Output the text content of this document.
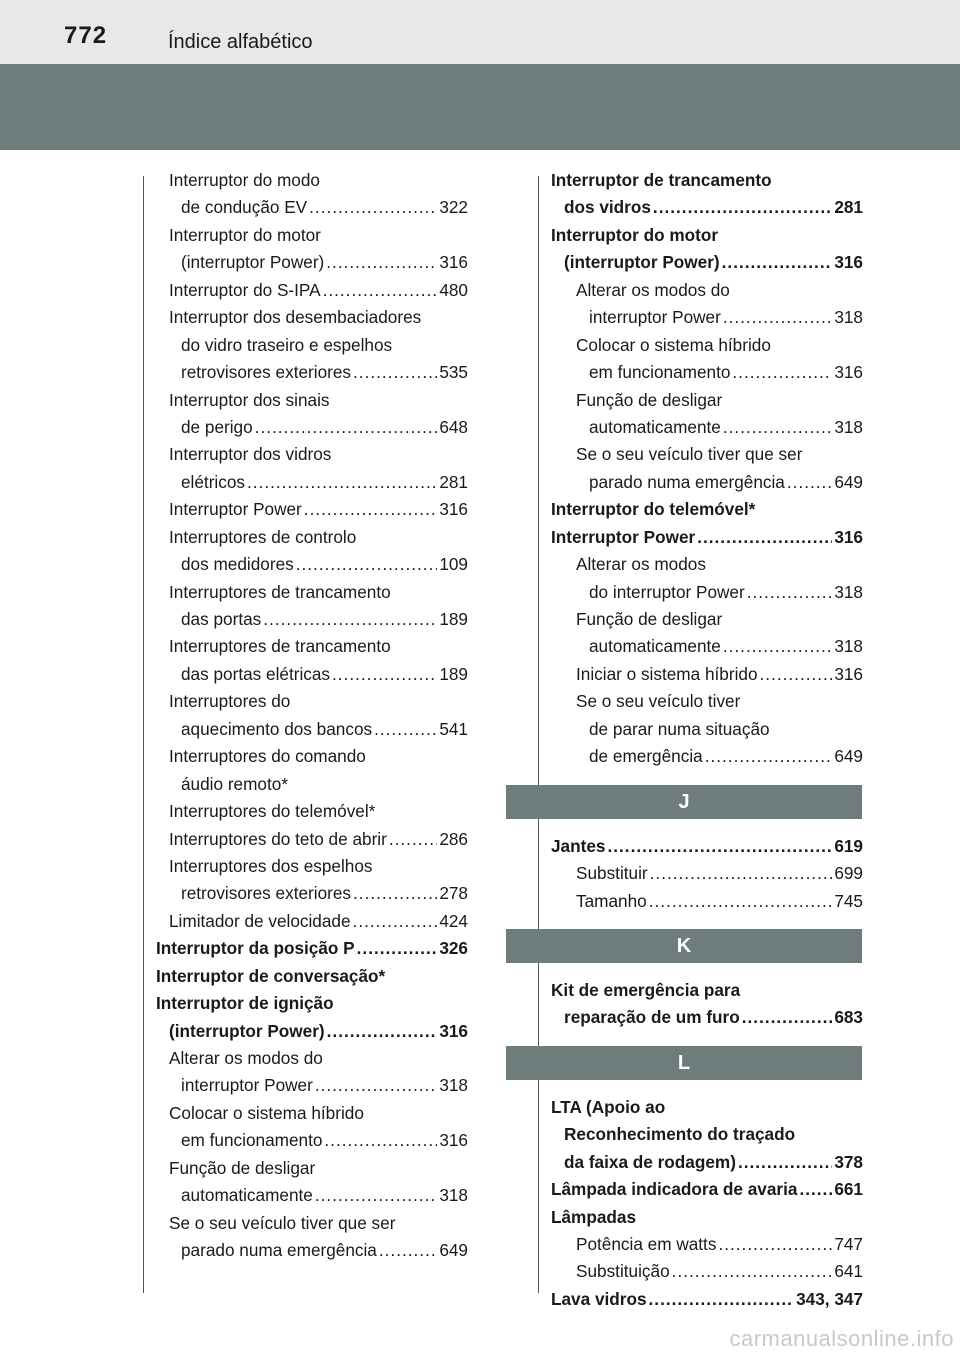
772	Índice alfabético
Interruptor do modo
de condução EV .....	322
Interruptor do motor
(interruptor Power) .....	316
Interruptor do S-IPA .....	480
Interruptor dos desembaciadores
do vidro traseiro e espelhos
retrovisores exteriores .....	535
Interruptor dos sinais
de perigo .....	648
Interruptor dos vidros
elétricos .....	281
Interruptor Power .....	316
Interruptores de controlo
dos medidores .....	109
Interruptores de trancamento
das portas .....	189
Interruptores de trancamento
das portas elétricas .....	189
Interruptores do
aquecimento dos bancos .....	541
Interruptores do comando
áudio remoto*
Interruptores do telemóvel*
Interruptores do teto de abrir .....	286
Interruptores dos espelhos
retrovisores exteriores .....	278
Limitador de velocidade .....	424
Interruptor da posição P .....	326
Interruptor de conversação*
Interruptor de ignição
(interruptor Power) .....	316
Alterar os modos do
interruptor Power .....	318
Colocar o sistema híbrido
em funcionamento .....	316
Função de desligar
automaticamente .....	318
Se o seu veículo tiver que ser
parado numa emergência .....	649
Interruptor de trancamento
dos vidros .....	281
Interruptor do motor
(interruptor Power) .....	316
Alterar os modos do
interruptor Power .....	318
Colocar o sistema híbrido
em funcionamento .....	316
Função de desligar
automaticamente .....	318
Se o seu veículo tiver que ser
parado numa emergência .....	649
Interruptor do telemóvel*
Interruptor Power .....	316
Alterar os modos
do interruptor Power .....	318
Função de desligar
automaticamente .....	318
Iniciar o sistema híbrido .....	316
Se o seu veículo tiver
de parar numa situação
de emergência .....	649
J
Jantes .....	619
Substituir .....	699
Tamanho .....	745
K
Kit de emergência para
reparação de um furo .....	683
L
LTA (Apoio ao
Reconhecimento do traçado
da faixa de rodagem) .....	378
Lâmpada indicadora de avaria ..... 661
Lâmpadas
Potência em watts .....	747
Substituição .....	641
Lava vidros .....	343, 347
carmanualsonline.info
